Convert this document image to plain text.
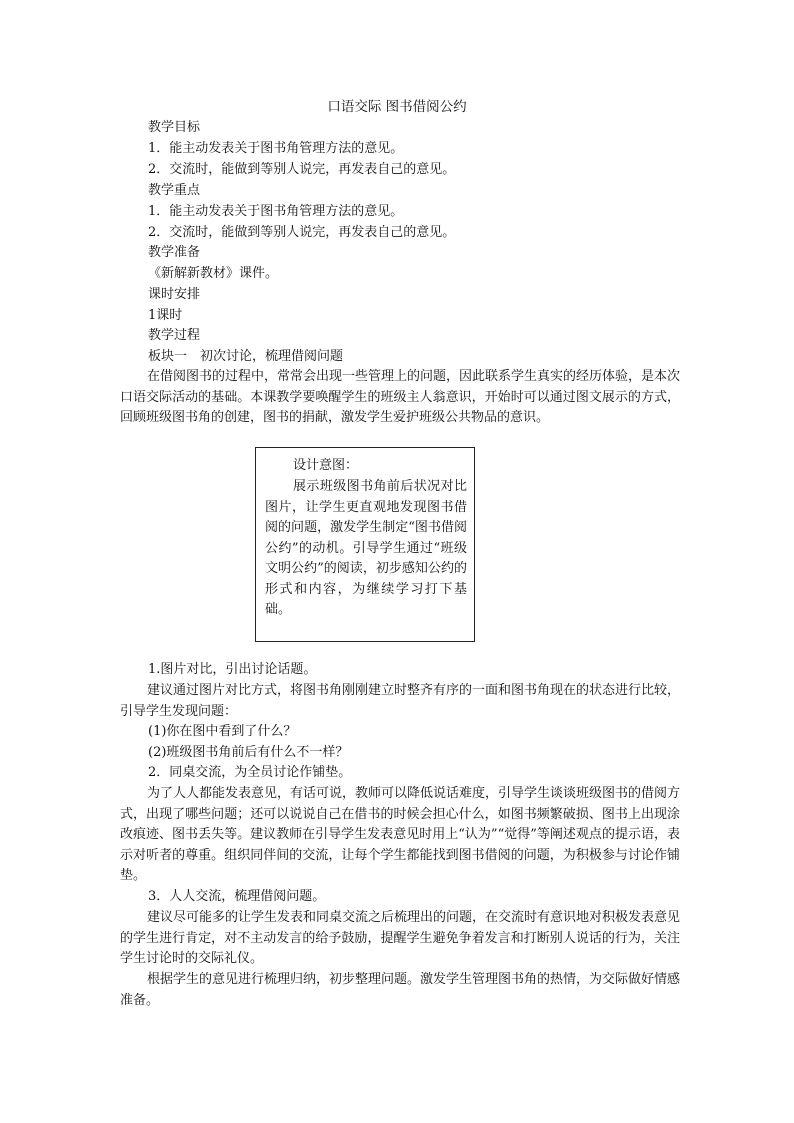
口语交际 图书借阅公约
教学目标
1．能主动发表关于图书角管理方法的意见。
2．交流时，能做到等别人说完，再发表自己的意见。
教学重点
1．能主动发表关于图书角管理方法的意见。
2．交流时，能做到等别人说完，再发表自己的意见。
教学准备
《新解新教材》课件。
课时安排
1课时
教学过程
板块一　初次讨论，梳理借阅问题
在借阅图书的过程中，常常会出现一些管理上的问题，因此联系学生真实的经历体验，是本次口语交际活动的基础。本课教学要唤醒学生的班级主人翁意识，开始时可以通过图文展示的方式，回顾班级图书角的创建，图书的捐献，激发学生爱护班级公共物品的意识。
设计意图：
展示班级图书角前后状况对比图片，让学生更直观地发现图书借阅的问题，激发学生制定“图书借阅公约”的动机。引导学生通过“班级文明公约”的阅读，初步感知公约的形式和内容，为继续学习打下基础。
1.图片对比，引出讨论话题。
建议通过图片对比方式，将图书角刚刚建立时整齐有序的一面和图书角现在的状态进行比较，引导学生发现问题：
(1)你在图中看到了什么？
(2)班级图书角前后有什么不一样？
2．同桌交流，为全员讨论作铺垫。
为了人人都能发表意见，有话可说，教师可以降低说话难度，引导学生谈谈班级图书的借阅方式，出现了哪些问题；还可以说说自己在借书的时候会担心什么，如图书频繁破损、图书上出现涂改痕迹、图书丢失等。建议教师在引导学生发表意见时用上“认为”“觉得”等阐述观点的提示语，表示对听者的尊重。组织同伴间的交流，让每个学生都能找到图书借阅的问题，为积极参与讨论作铺垫。
3．人人交流，梳理借阅问题。
建议尽可能多的让学生发表和同桌交流之后梳理出的问题，在交流时有意识地对积极发表意见的学生进行肯定，对不主动发言的给予鼓励，提醒学生避免争着发言和打断别人说话的行为，关注学生讨论时的交际礼仪。
根据学生的意见进行梳理归纳，初步整理问题。激发学生管理图书角的热情，为交际做好情感准备。
